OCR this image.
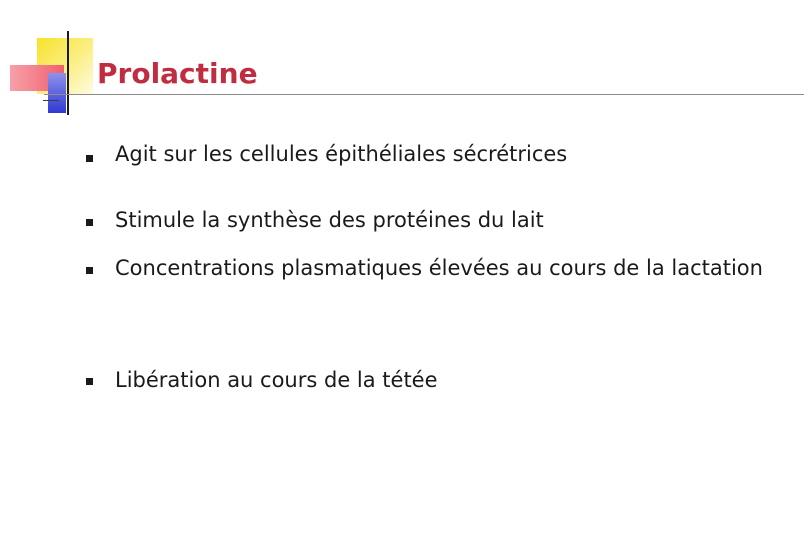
Prolactine
Agit sur les cellules épithéliales sécrétrices
Stimule la synthèse des protéines du lait
Concentrations plasmatiques élevées au cours de la lactation
Libération au cours de la tétée
